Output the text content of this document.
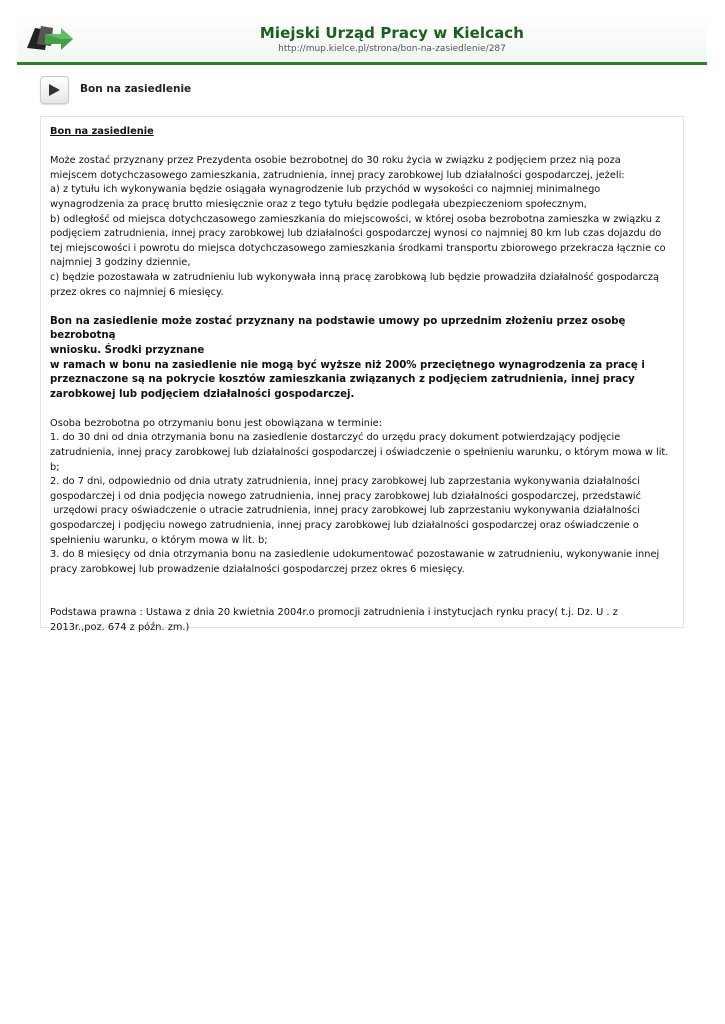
Miejski Urząd Pracy w Kielcach
http://mup.kielce.pl/strona/bon-na-zasiedlenie/287
Bon na zasiedlenie

Bon na zasiedlenie

Może zostać przyznany przez Prezydenta osobie bezrobotnej do 30 roku życia w związku z podjęciem przez nią poza

miejscem dotychczasowego zamieszkania, zatrudnienia, innej pracy zarobkowej lub działalności gospodarczej, jeżeli:

a) z tytułu ich wykonywania będzie osiągała wynagrodzenie lub przychód w wysokości co najmniej minimalnego

wynagrodzenia za pracę brutto miesięcznie oraz z tego tytułu będzie podlegała ubezpieczeniom społecznym,

b) odległość od miejsca dotychczasowego zamieszkania do miejscowości, w której osoba bezrobotna zamieszka w związku z

podjęciem zatrudnienia, innej pracy zarobkowej lub działalności gospodarczej wynosi co najmniej 80 km lub czas dojazdu do

tej miejscowości i powrotu do miejsca dotychczasowego zamieszkania środkami transportu zbiorowego przekracza łącznie co

najmniej 3 godziny dziennie,

c) będzie pozostawała w zatrudnieniu lub wykonywała inną pracę zarobkową lub będzie prowadziła działalność gospodarczą

przez okres co najmniej 6 miesięcy.

Bon na zasiedlenie może zostać przyznany na podstawie umowy po uprzednim złożeniu przez osobę bezrobotną

wniosku. Środki przyznane

w ramach w bonu na zasiedlenie nie mogą być wyższe niż 200% przeciętnego wynagrodzenia za pracę i

przeznaczone są na pokrycie kosztów zamieszkania związanych z podjęciem zatrudnienia, innej pracy

zarobkowej lub podjęciem działalności gospodarczej.

Osoba bezrobotna po otrzymaniu bonu jest obowiązana w terminie:

1. do 30 dni od dnia otrzymania bonu na zasiedlenie dostarczyć do urzędu pracy dokument potwierdzający podjęcie

zatrudnienia, innej pracy zarobkowej lub działalności gospodarczej i oświadczenie o spełnieniu warunku, o którym mowa w lit.

b;

2. do 7 dni, odpowiednio od dnia utraty zatrudnienia, innej pracy zarobkowej lub zaprzestania wykonywania działalności

gospodarczej i od dnia podjęcia nowego zatrudnienia, innej pracy zarobkowej lub działalności gospodarczej, przedstawić

urzędowi pracy oświadczenie o utracie zatrudnienia, innej pracy zarobkowej lub zaprzestaniu wykonywania działalności

gospodarczej i podjęciu nowego zatrudnienia, innej pracy zarobkowej lub działalności gospodarczej oraz oświadczenie o

spełnieniu warunku, o którym mowa w lit. b;

3. do 8 miesięcy od dnia otrzymania bonu na zasiedlenie udokumentować pozostawanie w zatrudnieniu, wykonywanie innej

pracy zarobkowej lub prowadzenie działalności gospodarczej przez okres 6 miesięcy.

Podstawa prawna : Ustawa z dnia 20 kwietnia 2004r.o promocji zatrudnienia i instytucjach rynku pracy( t.j. Dz. U . z

2013r.,poz. 674 z późn. zm.)
